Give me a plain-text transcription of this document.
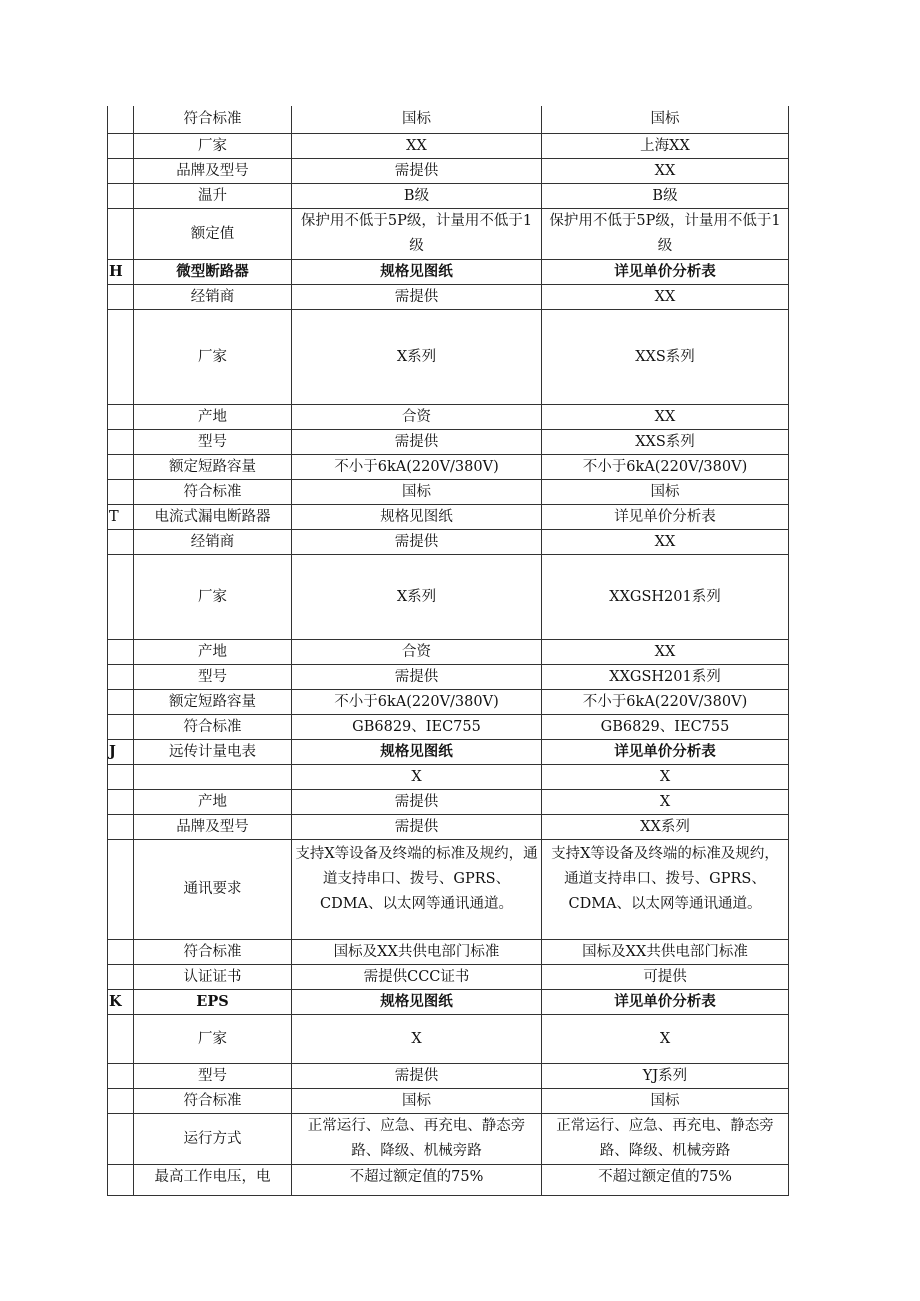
	符合标准	国标	国标
	厂家	XX	上海XX
	品牌及型号	需提供	XX
	温升	B级	B级
	额定值	保护用不低于5P级，计量用不低于1级	保护用不低于5P级，计量用不低于1级
H	微型断路器	规格见图纸	详见单价分析表
	经销商	需提供	XX
	厂家	X系列	XXS系列
	产地	合资	XX
	型号	需提供	XXS系列
	额定短路容量	不小于6kA(220V/380V)	不小于6kA(220V/380V)
	符合标准	国标	国标
T	电流式漏电断路器	规格见图纸	详见单价分析表
	经销商	需提供	XX
	厂家	X系列	XXGSH201系列
	产地	合资	XX
	型号	需提供	XXGSH201系列
	额定短路容量	不小于6kA(220V/380V)	不小于6kA(220V/380V)
	符合标准	GB6829、IEC755	GB6829、IEC755
J	远传计量电表	规格见图纸	详见单价分析表
		X	X
	产地	需提供	X
	品牌及型号	需提供	XX系列
	通讯要求	支持X等设备及终端的标准及规约，通道支持串口、拨号、GPRS、CDMA、以太网等通讯通道。	支持X等设备及终端的标准及规约，通道支持串口、拨号、GPRS、CDMA、以太网等通讯通道。
	符合标准	国标及XX共供电部门标准	国标及XX共供电部门标准
	认证证书	需提供CCC证书	可提供
K	EPS	规格见图纸	详见单价分析表
	厂家	X	X
	型号	需提供	YJ系列
	符合标准	国标	国标
	运行方式	正常运行、应急、再充电、静态旁路、降级、机械旁路	正常运行、应急、再充电、静态旁路、降级、机械旁路
	最高工作电压，电	不超过额定值的75%	不超过额定值的75%
